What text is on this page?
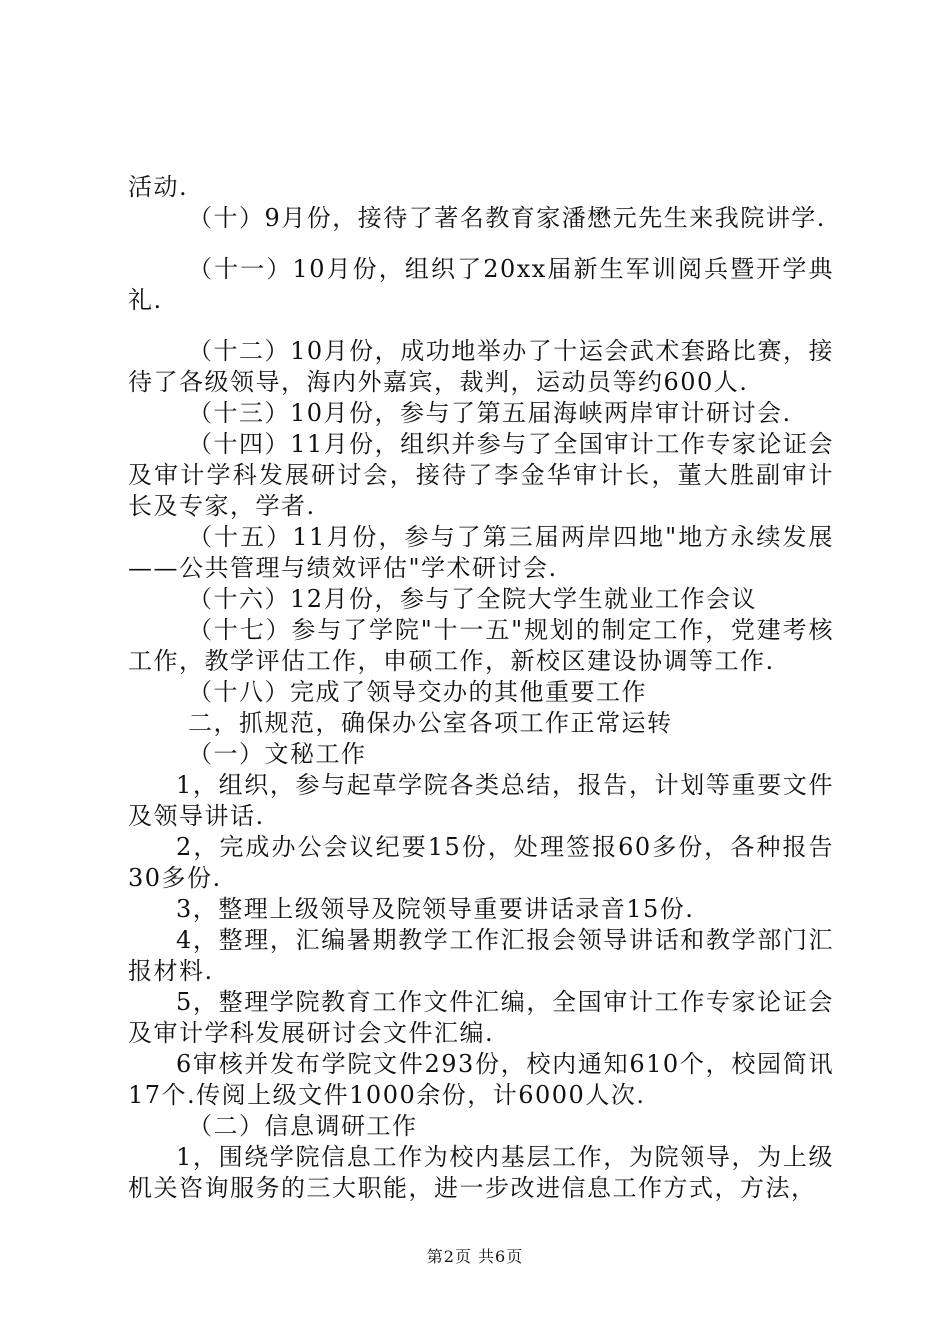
活动.

（十）9月份，接待了著名教育家潘懋元先生来我院讲学.

（十一）10月份，组织了20xx届新生军训阅兵暨开学典礼.

（十二）10月份，成功地举办了十运会武术套路比赛，接待了各级领导，海内外嘉宾，裁判，运动员等约600人.

（十三）10月份，参与了第五届海峡两岸审计研讨会.

（十四）11月份，组织并参与了全国审计工作专家论证会及审计学科发展研讨会，接待了李金华审计长，董大胜副审计长及专家，学者.

（十五）11月份，参与了第三届两岸四地"地方永续发展——公共管理与绩效评估"学术研讨会.

（十六）12月份，参与了全院大学生就业工作会议

（十七）参与了学院"十一五"规划的制定工作，党建考核工作，教学评估工作，申硕工作，新校区建设协调等工作.

（十八）完成了领导交办的其他重要工作

二，抓规范，确保办公室各项工作正常运转

（一）文秘工作

1，组织，参与起草学院各类总结，报告，计划等重要文件及领导讲话.

2，完成办公会议纪要15份，处理签报60多份，各种报告30多份.

3，整理上级领导及院领导重要讲话录音15份.

4，整理，汇编暑期教学工作汇报会领导讲话和教学部门汇报材料.

5，整理学院教育工作文件汇编，全国审计工作专家论证会及审计学科发展研讨会文件汇编.

6审核并发布学院文件293份，校内通知610个，校园简讯17个.传阅上级文件1000余份，计6000人次.

（二）信息调研工作

1，围绕学院信息工作为校内基层工作，为院领导，为上级机关咨询服务的三大职能，进一步改进信息工作方式，方法，

第2页 共6页
